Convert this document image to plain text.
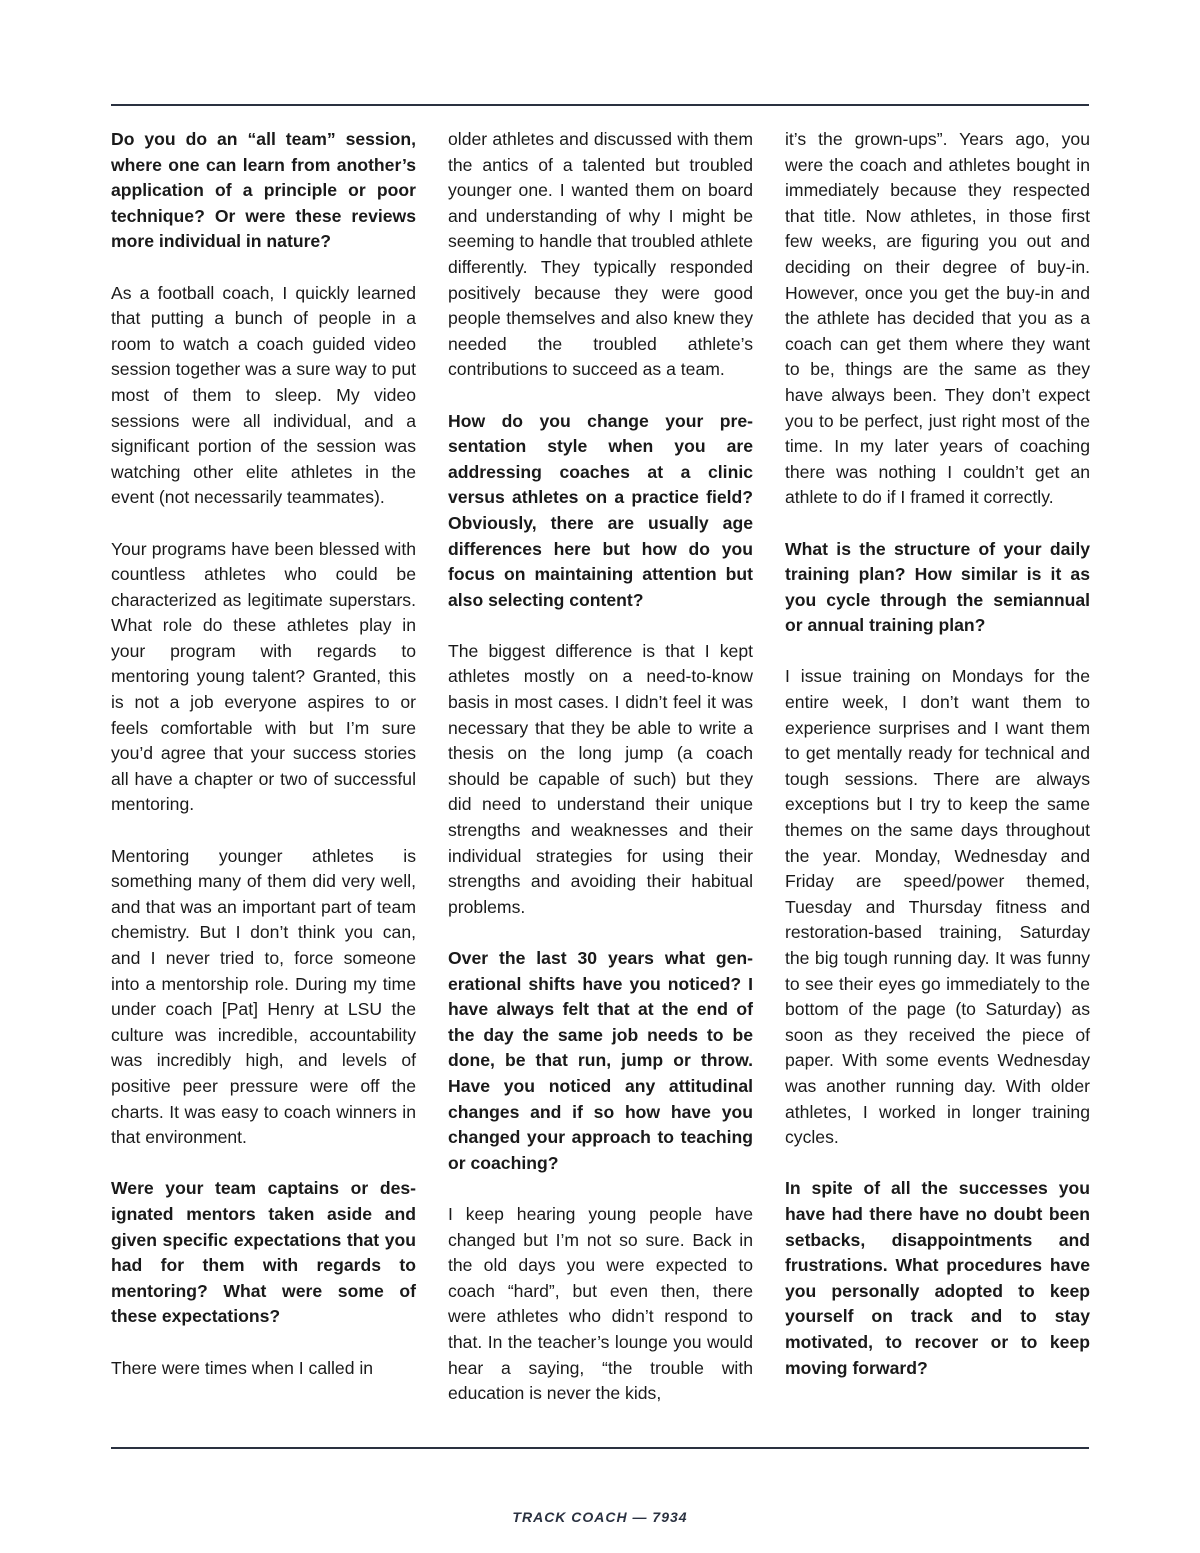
Do you do an “all team” session, where one can learn from another’s application of a principle or poor technique? Or were these reviews more individual in nature?

As a football coach, I quickly learned that putting a bunch of people in a room to watch a coach guided video session together was a sure way to put most of them to sleep. My video sessions were all individual, and a significant portion of the session was watching other elite athletes in the event (not necessarily teammates).

Your programs have been blessed with countless athletes who could be characterized as legitimate superstars. What role do these athletes play in your program with regards to mentoring young talent? Granted, this is not a job everyone aspires to or feels comfortable with but I’m sure you’d agree that your success stories all have a chapter or two of successful mentoring.

Mentoring younger athletes is something many of them did very well, and that was an important part of team chemistry. But I don’t think you can, and I never tried to, force someone into a mentorship role. During my time under coach [Pat] Henry at LSU the culture was incredible, accountability was incredibly high, and levels of positive peer pressure were off the charts. It was easy to coach winners in that environment.

Were your team captains or designated mentors taken aside and given specific expectations that you had for them with regards to mentoring? What were some of these expectations?

There were times when I called in

older athletes and discussed with them the antics of a talented but troubled younger one. I wanted them on board and understanding of why I might be seeming to handle that troubled athlete differently. They typically responded positively because they were good people themselves and also knew they needed the troubled athlete’s contributions to succeed as a team.

How do you change your presentation style when you are addressing coaches at a clinic versus athletes on a practice field? Obviously, there are usually age differences here but how do you focus on maintaining attention but also selecting content?

The biggest difference is that I kept athletes mostly on a need-to-know basis in most cases. I didn’t feel it was necessary that they be able to write a thesis on the long jump (a coach should be capable of such) but they did need to understand their unique strengths and weaknesses and their individual strategies for using their strengths and avoiding their habitual problems.

Over the last 30 years what generational shifts have you noticed? I have always felt that at the end of the day the same job needs to be done, be that run, jump or throw. Have you noticed any attitudinal changes and if so how have you changed your approach to teaching or coaching?

I keep hearing young people have changed but I’m not so sure. Back in the old days you were expected to coach “hard”, but even then, there were athletes who didn’t respond to that. In the teacher’s lounge you would hear a saying, “the trouble with education is never the kids,

it’s the grown-ups”. Years ago, you were the coach and athletes bought in immediately because they respected that title. Now athletes, in those first few weeks, are figuring you out and deciding on their degree of buy-in. However, once you get the buy-in and the athlete has decided that you as a coach can get them where they want to be, things are the same as they have always been. They don’t expect you to be perfect, just right most of the time. In my later years of coaching there was nothing I couldn’t get an athlete to do if I framed it correctly.

What is the structure of your daily training plan? How similar is it as you cycle through the semiannual or annual training plan?

I issue training on Mondays for the entire week, I don’t want them to experience surprises and I want them to get mentally ready for technical and tough sessions. There are always exceptions but I try to keep the same themes on the same days throughout the year. Monday, Wednesday and Friday are speed/power themed, Tuesday and Thursday fitness and restoration-based training, Saturday the big tough running day. It was funny to see their eyes go immediately to the bottom of the page (to Saturday) as soon as they received the piece of paper. With some events Wednesday was another running day. With older athletes, I worked in longer training cycles.

In spite of all the successes you have had there have no doubt been setbacks, disappointments and frustrations. What procedures have you personally adopted to keep yourself on track and to stay motivated, to recover or to keep moving forward?

TRACK COACH — 7934
